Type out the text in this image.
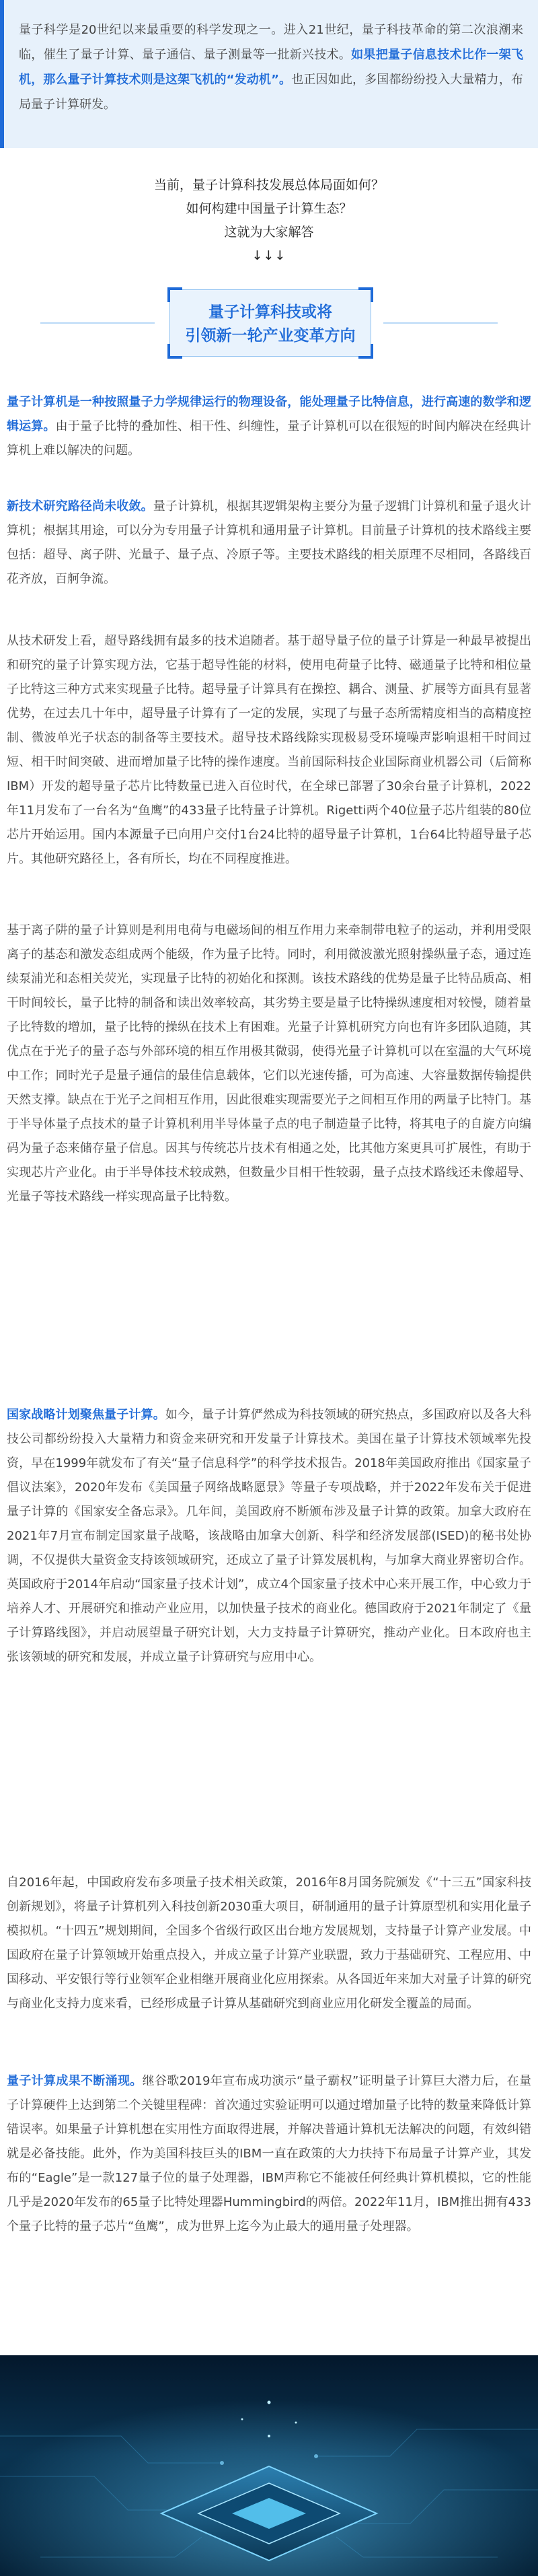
量子科学是20世纪以来最重要的科学发现之一。进入21世纪，量子科技革命的第二次浪潮来临，催生了量子计算、量子通信、量子测量等一批新兴技术。如果把量子信息技术比作一架飞机，那么量子计算技术则是这架飞机的“发动机”。也正因如此，多国都纷纷投入大量精力，布局量子计算研发。

当前，量子计算科技发展总体局面如何？
如何构建中国量子计算生态？
这就为大家解答
↓↓↓
量子计算科技或将
引领新一轮产业变革方向

量子计算机是一种按照量子力学规律运行的物理设备，能处理量子比特信息，进行高速的数学和逻辑运算。由于量子比特的叠加性、相干性、纠缠性，量子计算机可以在很短的时间内解决在经典计算机上难以解决的问题。

新技术研究路径尚未收敛。量子计算机，根据其逻辑架构主要分为量子逻辑门计算机和量子退火计算机；根据其用途，可以分为专用量子计算机和通用量子计算机。目前量子计算机的技术路线主要包括：超导、离子阱、光量子、量子点、冷原子等。主要技术路线的相关原理不尽相同，各路线百花齐放，百舸争流。

从技术研发上看，超导路线拥有最多的技术追随者。基于超导量子位的量子计算是一种最早被提出和研究的量子计算实现方法，它基于超导性能的材料，使用电荷量子比特、磁通量子比特和相位量子比特这三种方式来实现量子比特。超导量子计算具有在操控、耦合、测量、扩展等方面具有显著优势，在过去几十年中，超导量子计算有了一定的发展，实现了与量子态所需精度相当的高精度控制、微波单光子状态的制备等主要技术。超导技术路线除实现极易受环境噪声影响退相干时间过短、相干时间突破、进而增加量子比特的操作速度。当前国际科技企业国际商业机器公司（后简称IBM）开发的超导量子芯片比特数量已进入百位时代，在全球已部署了30余台量子计算机，2022年11月发布了一台名为“鱼鹰”的433量子比特量子计算机。Rigetti两个40位量子芯片组装的80位芯片开始运用。国内本源量子已向用户交付1台24比特的超导量子计算机，1台64比特超导量子芯片。其他研究路径上，各有所长，均在不同程度推进。

基于离子阱的量子计算则是利用电荷与电磁场间的相互作用力来牵制带电粒子的运动，并利用受限离子的基态和激发态组成两个能级，作为量子比特。同时，利用微波激光照射操纵量子态，通过连续泵浦光和态相关荧光，实现量子比特的初始化和探测。该技术路线的优势是量子比特品质高、相干时间较长，量子比特的制备和读出效率较高，其劣势主要是量子比特操纵速度相对较慢，随着量子比特数的增加，量子比特的操纵在技术上有困难。光量子计算机研究方向也有许多团队追随，其优点在于光子的量子态与外部环境的相互作用极其微弱，使得光量子计算机可以在室温的大气环境中工作；同时光子是量子通信的最佳信息载体，它们以光速传播，可为高速、大容量数据传输提供天然支撑。缺点在于光子之间相互作用，因此很难实现需要光子之间相互作用的两量子比特门。基于半导体量子点技术的量子计算机利用半导体量子点的电子制造量子比特，将其电子的自旋方向编码为量子态来储存量子信息。因其与传统芯片技术有相通之处，比其他方案更具可扩展性，有助于实现芯片产业化。由于半导体技术较成熟，但数量少目相干性较弱，量子点技术路线还未像超导、光量子等技术路线一样实现高量子比特数。

国家战略计划聚焦量子计算。如今，量子计算俨然成为科技领域的研究热点，多国政府以及各大科技公司都纷纷投入大量精力和资金来研究和开发量子计算技术。美国在量子计算技术领域率先投资，早在1999年就发布了有关“量子信息科学”的科学技术报告。2018年美国政府推出《国家量子倡议法案》，2020年发布《美国量子网络战略愿景》等量子专项战略，并于2022年发布关于促进量子计算的《国家安全备忘录》。几年间，美国政府不断颁布涉及量子计算的政策。加拿大政府在2021年7月宣布制定国家量子战略，该战略由加拿大创新、科学和经济发展部(ISED)的秘书处协调，不仅提供大量资金支持该领域研究，还成立了量子计算发展机构，与加拿大商业界密切合作。英国政府于2014年启动“国家量子技术计划”，成立4个国家量子技术中心来开展工作，中心致力于培养人才、开展研究和推动产业应用，以加快量子技术的商业化。德国政府于2021年制定了《量子计算路线图》，并启动展望量子研究计划，大力支持量子计算研究，推动产业化。日本政府也主张该领域的研究和发展，并成立量子计算研究与应用中心。

自2016年起，中国政府发布多项量子技术相关政策，2016年8月国务院颁发《“十三五”国家科技创新规划》，将量子计算机列入科技创新2030重大项目，研制通用的量子计算原型机和实用化量子模拟机。“十四五”规划期间，全国多个省级行政区出台地方发展规划，支持量子计算产业发展。中国政府在量子计算领域开始重点投入，并成立量子计算产业联盟，致力于基础研究、工程应用、中国移动、平安银行等行业领军企业相继开展商业化应用探索。从各国近年来加大对量子计算的研究与商业化支持力度来看，已经形成量子计算从基础研究到商业应用化研发全覆盖的局面。

量子计算成果不断涌现。继谷歌2019年宣布成功演示“量子霸权”证明量子计算巨大潜力后，在量子计算硬件上达到第二个关键里程碑：首次通过实验证明可以通过增加量子比特的数量来降低计算错误率。如果量子计算机想在实用性方面取得进展，并解决普通计算机无法解决的问题，有效纠错就是必备技能。此外，作为美国科技巨头的IBM一直在政策的大力扶持下布局量子计算产业，其发布的“Eagle”是一款127量子位的量子处理器，IBM声称它不能被任何经典计算机模拟，它的性能几乎是2020年发布的65量子比特处理器Hummingbird的两倍。2022年11月，IBM推出拥有433个量子比特的量子芯片“鱼鹰”，成为世界上迄今为止最大的通用量子处理器。
